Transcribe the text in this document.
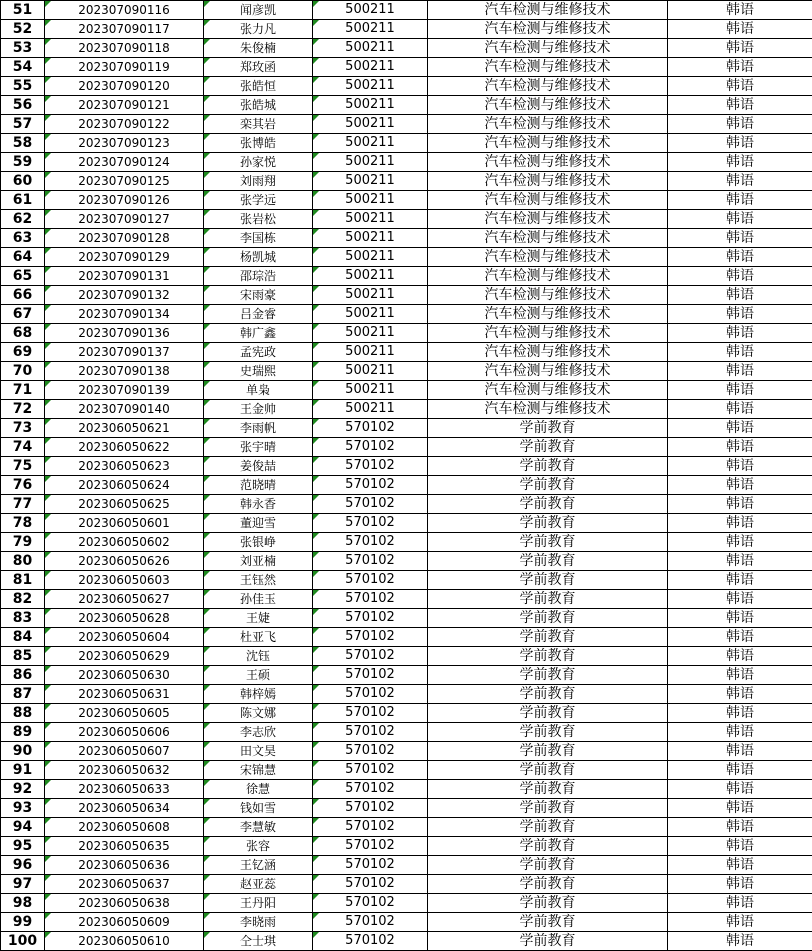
51	202307090116	闻彦凯	500211	汽车检测与维修技术	韩语
52	202307090117	张力凡	500211	汽车检测与维修技术	韩语
53	202307090118	朱俊楠	500211	汽车检测与维修技术	韩语
54	202307090119	郑玫函	500211	汽车检测与维修技术	韩语
55	202307090120	张皓恒	500211	汽车检测与维修技术	韩语
56	202307090121	张皓城	500211	汽车检测与维修技术	韩语
57	202307090122	栾其岩	500211	汽车检测与维修技术	韩语
58	202307090123	张博皓	500211	汽车检测与维修技术	韩语
59	202307090124	孙家悦	500211	汽车检测与维修技术	韩语
60	202307090125	刘雨翔	500211	汽车检测与维修技术	韩语
61	202307090126	张学远	500211	汽车检测与维修技术	韩语
62	202307090127	张岩松	500211	汽车检测与维修技术	韩语
63	202307090128	李国栋	500211	汽车检测与维修技术	韩语
64	202307090129	杨凯城	500211	汽车检测与维修技术	韩语
65	202307090131	邵琮浩	500211	汽车检测与维修技术	韩语
66	202307090132	宋雨豪	500211	汽车检测与维修技术	韩语
67	202307090134	吕金睿	500211	汽车检测与维修技术	韩语
68	202307090136	韩广鑫	500211	汽车检测与维修技术	韩语
69	202307090137	孟宪政	500211	汽车检测与维修技术	韩语
70	202307090138	史瑞熙	500211	汽车检测与维修技术	韩语
71	202307090139	单枭	500211	汽车检测与维修技术	韩语
72	202307090140	王金帅	500211	汽车检测与维修技术	韩语
73	202306050621	李雨帆	570102	学前教育	韩语
74	202306050622	张宇晴	570102	学前教育	韩语
75	202306050623	姜俊喆	570102	学前教育	韩语
76	202306050624	范晓晴	570102	学前教育	韩语
77	202306050625	韩永香	570102	学前教育	韩语
78	202306050601	董迎雪	570102	学前教育	韩语
79	202306050602	张银峥	570102	学前教育	韩语
80	202306050626	刘亚楠	570102	学前教育	韩语
81	202306050603	王钰然	570102	学前教育	韩语
82	202306050627	孙佳玉	570102	学前教育	韩语
83	202306050628	王婕	570102	学前教育	韩语
84	202306050604	杜亚飞	570102	学前教育	韩语
85	202306050629	沈钰	570102	学前教育	韩语
86	202306050630	王硕	570102	学前教育	韩语
87	202306050631	韩梓嫣	570102	学前教育	韩语
88	202306050605	陈文娜	570102	学前教育	韩语
89	202306050606	李志欣	570102	学前教育	韩语
90	202306050607	田文昊	570102	学前教育	韩语
91	202306050632	宋锦慧	570102	学前教育	韩语
92	202306050633	徐慧	570102	学前教育	韩语
93	202306050634	钱如雪	570102	学前教育	韩语
94	202306050608	李慧敏	570102	学前教育	韩语
95	202306050635	张容	570102	学前教育	韩语
96	202306050636	王钇涵	570102	学前教育	韩语
97	202306050637	赵亚蕊	570102	学前教育	韩语
98	202306050638	王丹阳	570102	学前教育	韩语
99	202306050609	李晓雨	570102	学前教育	韩语
100	202306050610	仝士琪	570102	学前教育	韩语
